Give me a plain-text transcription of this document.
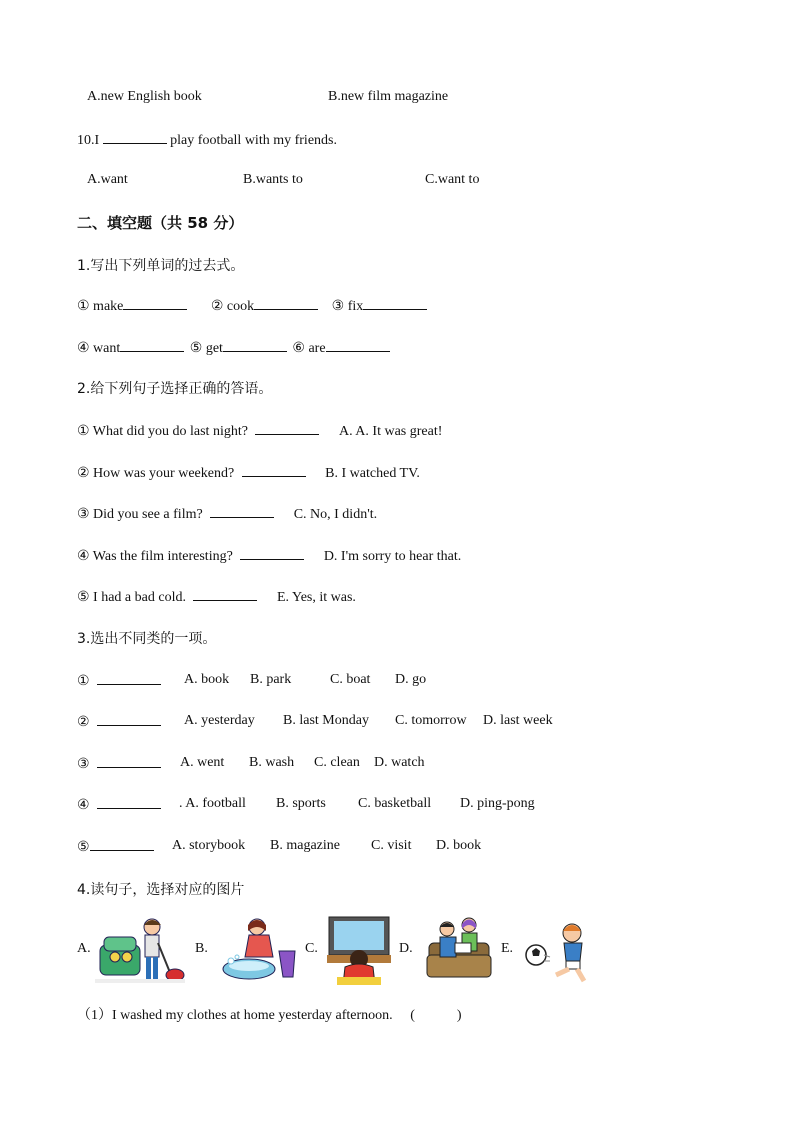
A.new English book	B.new film magazine
10.I	play football with my friends.
A.want	B.wants to	C.want to
二、填空题（共 58 分）
1.写出下列单词的过去式。
① make	② cook	③ fix
④ want	⑤ get	⑥ are
2.给下列句子选择正确的答语。
① What did you do last night?	A. A. It was great!
② How was your weekend?	B. I watched TV.
③ Did you see a film?	C. No, I didn't.
④ Was the film interesting?	D. I'm sorry to hear that.
⑤ I had a bad cold.	E. Yes, it was.
3.选出不同类的一项。
①	A. book B. park	C. boat D. go
②	A. yesterday B. last Monday C. tomorrow D. last week
③	A. went B. wash C. clean D. watch
④	. A. football B. sports C. basketball D. ping-pong
⑤	A. storybook B. magazine C. visit D. book
4.读句子，选择对应的图片
A.	B.	C.	D.	E.
（1）I washed my clothes at home yesterday afternoon. (　　　)
